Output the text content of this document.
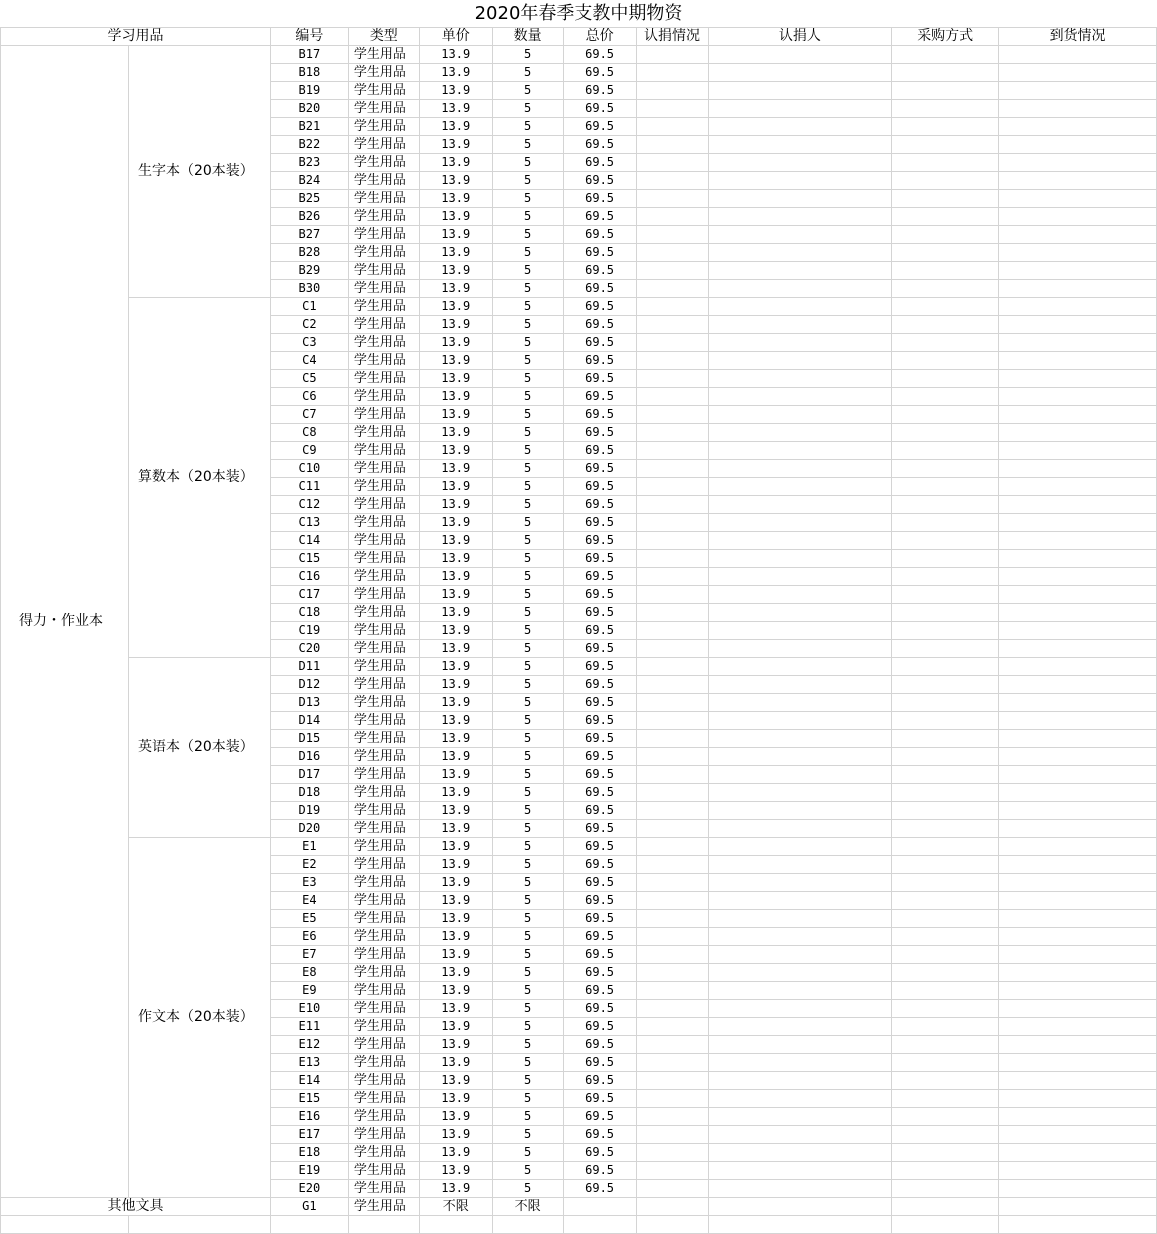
2020年春季支教中期物资
学习用品		编号	类型	单价	数量	总价	认捐情况	认捐人	采购方式	到货情况
得力・作业本	生字本（20本装）	B17	学生用品	13.9	5	69.5				
		B18	学生用品	13.9	5	69.5				
		B19	学生用品	13.9	5	69.5				
		B20	学生用品	13.9	5	69.5				
		B21	学生用品	13.9	5	69.5				
		B22	学生用品	13.9	5	69.5				
		B23	学生用品	13.9	5	69.5				
		B24	学生用品	13.9	5	69.5				
		B25	学生用品	13.9	5	69.5				
		B26	学生用品	13.9	5	69.5				
		B27	学生用品	13.9	5	69.5				
		B28	学生用品	13.9	5	69.5				
		B29	学生用品	13.9	5	69.5				
		B30	学生用品	13.9	5	69.5				
	算数本（20本装）	C1	学生用品	13.9	5	69.5				
		C2	学生用品	13.9	5	69.5				
		C3	学生用品	13.9	5	69.5				
		C4	学生用品	13.9	5	69.5				
		C5	学生用品	13.9	5	69.5				
		C6	学生用品	13.9	5	69.5				
		C7	学生用品	13.9	5	69.5				
		C8	学生用品	13.9	5	69.5				
		C9	学生用品	13.9	5	69.5				
		C10	学生用品	13.9	5	69.5				
		C11	学生用品	13.9	5	69.5				
		C12	学生用品	13.9	5	69.5				
		C13	学生用品	13.9	5	69.5				
		C14	学生用品	13.9	5	69.5				
		C15	学生用品	13.9	5	69.5				
		C16	学生用品	13.9	5	69.5				
		C17	学生用品	13.9	5	69.5				
		C18	学生用品	13.9	5	69.5				
		C19	学生用品	13.9	5	69.5				
		C20	学生用品	13.9	5	69.5				
	英语本（20本装）	D11	学生用品	13.9	5	69.5				
		D12	学生用品	13.9	5	69.5				
		D13	学生用品	13.9	5	69.5				
		D14	学生用品	13.9	5	69.5				
		D15	学生用品	13.9	5	69.5				
		D16	学生用品	13.9	5	69.5				
		D17	学生用品	13.9	5	69.5				
		D18	学生用品	13.9	5	69.5				
		D19	学生用品	13.9	5	69.5				
		D20	学生用品	13.9	5	69.5				
	作文本（20本装）	E1	学生用品	13.9	5	69.5				
		E2	学生用品	13.9	5	69.5				
		E3	学生用品	13.9	5	69.5				
		E4	学生用品	13.9	5	69.5				
		E5	学生用品	13.9	5	69.5				
		E6	学生用品	13.9	5	69.5				
		E7	学生用品	13.9	5	69.5				
		E8	学生用品	13.9	5	69.5				
		E9	学生用品	13.9	5	69.5				
		E10	学生用品	13.9	5	69.5				
		E11	学生用品	13.9	5	69.5				
		E12	学生用品	13.9	5	69.5				
		E13	学生用品	13.9	5	69.5				
		E14	学生用品	13.9	5	69.5				
		E15	学生用品	13.9	5	69.5				
		E16	学生用品	13.9	5	69.5				
		E17	学生用品	13.9	5	69.5				
		E18	学生用品	13.9	5	69.5				
		E19	学生用品	13.9	5	69.5				
		E20	学生用品	13.9	5	69.5				
其他文具		G1	学生用品	不限	不限					
